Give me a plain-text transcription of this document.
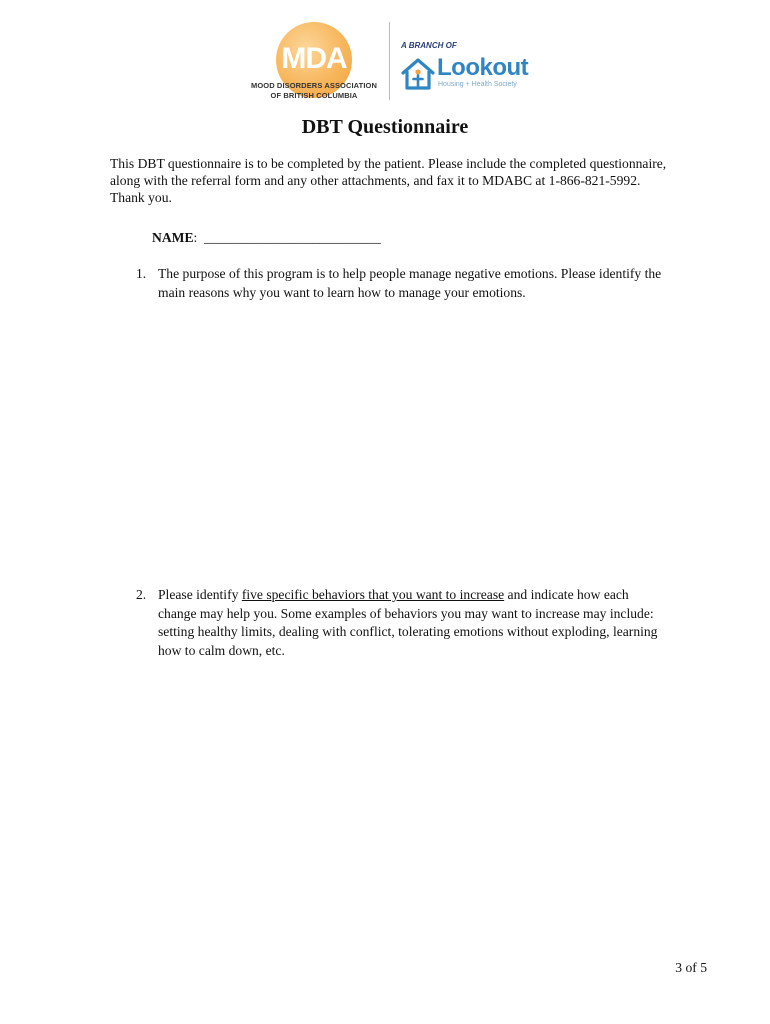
MDA
MOOD DISORDERS ASSOCIATION
OF BRITISH COLUMBIA
A BRANCH OF
Lookout
Housing + Health Society
DBT Questionnaire
This DBT questionnaire is to be completed by the patient. Please include the completed questionnaire, along with the referral form and any other attachments, and fax it to MDABC at 1-866-821-5992. Thank you.
NAME: __________________________
1. The purpose of this program is to help people manage negative emotions. Please identify the main reasons why you want to learn how to manage your emotions.
2. Please identify five specific behaviors that you want to increase and indicate how each change may help you. Some examples of behaviors you may want to increase may include: setting healthy limits, dealing with conflict, tolerating emotions without exploding, learning how to calm down, etc.
3 of 5
